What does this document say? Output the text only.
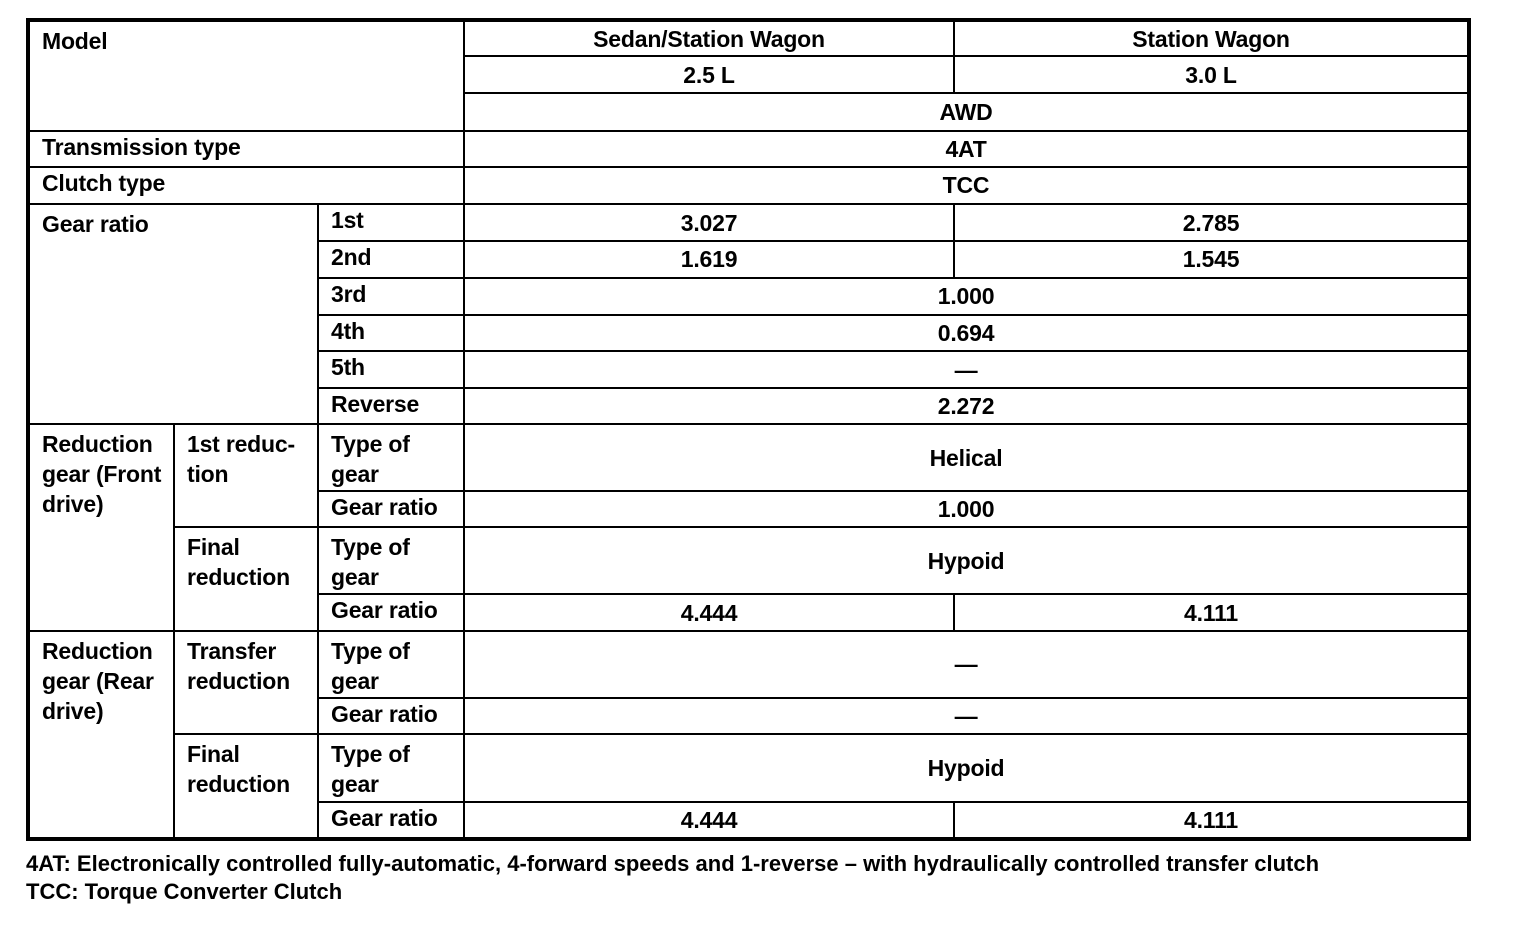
Model			Sedan/Station Wagon	Station Wagon
			2.5 L	3.0 L
			AWD	
Transmission type			4AT	
Clutch type			TCC	
Gear ratio		1st	3.027	2.785
		2nd	1.619	1.545
		3rd	1.000	
		4th	0.694	
		5th	—	
		Reverse	2.272	
Reduction gear (Front drive)	1st reduc- tion	Type of gear	Helical	
		Gear ratio	1.000	
	Final reduction	Type of gear	Hypoid	
		Gear ratio	4.444	4.111
Reduction gear (Rear drive)	Transfer reduction	Type of gear	—	
		Gear ratio	—	
	Final reduction	Type of gear	Hypoid	
		Gear ratio	4.444	4.111
4AT: Electronically controlled fully-automatic, 4-forward speeds and 1-reverse – with hydraulically controlled transfer clutch
TCC: Torque Converter Clutch
